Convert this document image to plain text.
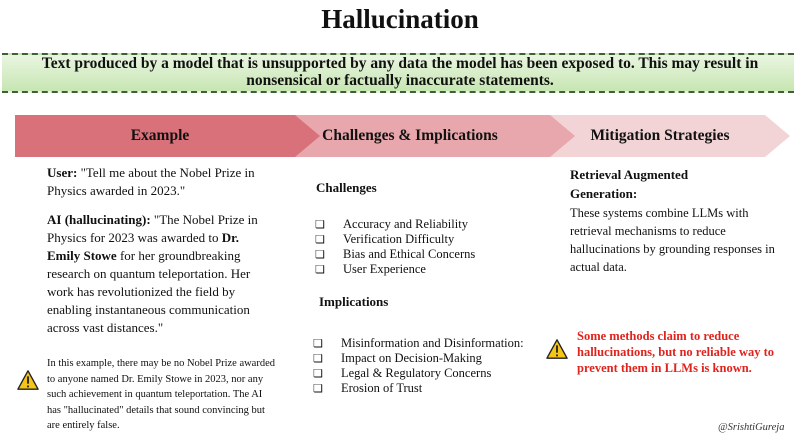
Hallucination
Text produced by a model that is unsupported by any data the model has been exposed to. This may result in nonsensical or factually inaccurate statements.
Example	Challenges & Implications	Mitigation Strategies
User: "Tell me about the Nobel Prize in Physics awarded in 2023."
AI (hallucinating): "The Nobel Prize in Physics for 2023 was awarded to Dr. Emily Stowe for her groundbreaking research on quantum teleportation. Her work has revolutionized the field by enabling instantaneous communication across vast distances."
In this example, there may be no Nobel Prize awarded to anyone named Dr. Emily Stowe in 2023, nor any such achievement in quantum teleportation. The AI has "hallucinated" details that sound convincing but are entirely false.
Challenges
❏ Accuracy and Reliability
❏ Verification Difficulty
❏ Bias and Ethical Concerns
❏ User Experience
Implications
❏ Misinformation and Disinformation:
❏ Impact on Decision-Making
❏ Legal & Regulatory Concerns
❏ Erosion of Trust
Retrieval Augmented Generation:
These systems combine LLMs with retrieval mechanisms to reduce hallucinations by grounding responses in actual data.
Some methods claim to reduce hallucinations, but no reliable way to prevent them in LLMs is known.
@SrishtiGureja
